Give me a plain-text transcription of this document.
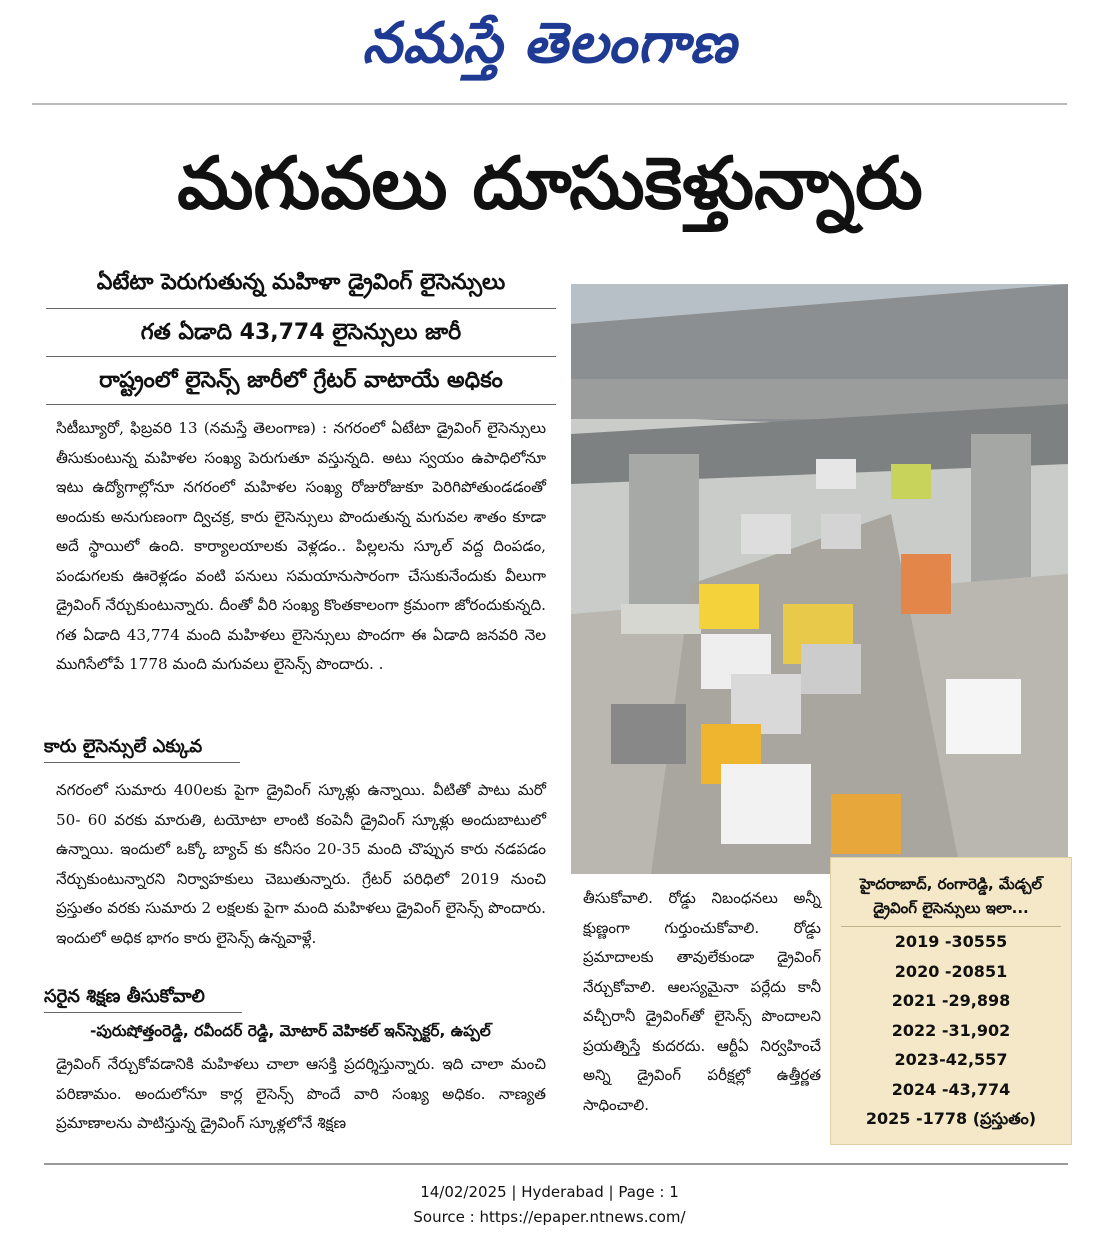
నమస్తే తెలంగాణ
మగువలు దూసుకెళ్తున్నారు
ఏటేటా పెరుగుతున్న మహిళా డ్రైవింగ్ లైసెన్సులు
గత ఏడాది 43,774 లైసెన్సులు జారీ
రాష్ట్రంలో లైసెన్స్ జారీలో గ్రేటర్ వాటాయే అధికం
సిటీబ్యూరో, ఫిబ్రవరి 13 (నమస్తే తెలంగాణ) : నగరంలో ఏటేటా డ్రైవింగ్ లైసెన్సులు తీసుకుంటున్న మహిళల సంఖ్య పెరుగుతూ వస్తున్నది. అటు స్వయం ఉపాధిలోనూ ఇటు ఉద్యోగాల్లోనూ నగరంలో మహిళల సంఖ్య రోజురోజుకూ పెరిగిపోతుండడంతో అందుకు అనుగుణంగా ద్విచక్ర, కారు లైసెన్సులు పొందుతున్న మగువల శాతం కూడా అదే స్థాయిలో ఉంది. కార్యాలయాలకు వెళ్లడం.. పిల్లలను స్కూల్ వద్ద దింపడం, పండుగలకు ఊరెళ్లడం వంటి పనులు సమయానుసారంగా చేసుకునేందుకు వీలుగా డ్రైవింగ్ నేర్చుకుంటున్నారు. దీంతో వీరి సంఖ్య కొంతకాలంగా క్రమంగా జోరందుకున్నది. గత ఏడాది 43,774 మంది మహిళలు లైసెన్సులు పొందగా ఈ ఏడాది జనవరి నెల ముగిసేలోపే 1778 మంది మగువలు లైసెన్స్ పొందారు. .
కారు లైసెన్సులే ఎక్కువ
నగరంలో సుమారు 400లకు పైగా డ్రైవింగ్ స్కూళ్లు ఉన్నాయి. వీటితో పాటు మరో 50- 60 వరకు మారుతి, టయోటా లాంటి కంపెనీ డ్రైవింగ్ స్కూళ్లు అందుబాటులో ఉన్నాయి. ఇందులో ఒక్కో బ్యాచ్ కు కనీసం 20-35 మంది చొప్పున కారు నడపడం నేర్చుకుంటున్నారని నిర్వాహకులు చెబుతున్నారు. గ్రేటర్ పరిధిలో 2019 నుంచి ప్రస్తుతం వరకు సుమారు 2 లక్షలకు పైగా మంది మహిళలు డ్రైవింగ్ లైసెన్స్ పొందారు. ఇందులో అధిక భాగం కారు లైసెన్స్ ఉన్నవాళ్లే.
సరైన శిక్షణ తీసుకోవాలి
-పురుషోత్తంరెడ్డి, రవీందర్ రెడ్డి, మోటార్ వెహికల్ ఇన్‌స్పెక్టర్, ఉప్పల్
డ్రైవింగ్ నేర్చుకోవడానికి మహిళలు చాలా ఆసక్తి ప్రదర్శిస్తున్నారు. ఇది చాలా మంచి పరిణామం. అందులోనూ కార్ల లైసెన్స్ పొందే వారి సంఖ్య అధికం. నాణ్యత ప్రమాణాలను పాటిస్తున్న డ్రైవింగ్ స్కూళ్లలోనే శిక్షణ
తీసుకోవాలి. రోడ్డు నిబంధనలు అన్నీ క్షుణ్ణంగా గుర్తుంచుకోవాలి. రోడ్డు ప్రమాదాలకు తావులేకుండా డ్రైవింగ్ నేర్చుకోవాలి. ఆలస్యమైనా పర్లేదు కానీ వచ్చీరానీ డ్రైవింగ్‌తో లైసెన్స్ పొందాలని ప్రయత్నిస్తే కుదరదు. ఆర్టీఏ నిర్వహించే అన్ని డ్రైవింగ్ పరీక్షల్లో ఉత్తీర్ణత సాధించాలి.
హైదరాబాద్, రంగారెడ్డి, మేడ్చల్ డ్రైవింగ్ లైసెన్సులు ఇలా...
2019 -30555
2020 -20851
2021 -29,898
2022 -31,902
2023-42,557
2024 -43,774
2025 -1778 (ప్రస్తుతం)
14/02/2025 | Hyderabad | Page : 1
Source : https://epaper.ntnews.com/
